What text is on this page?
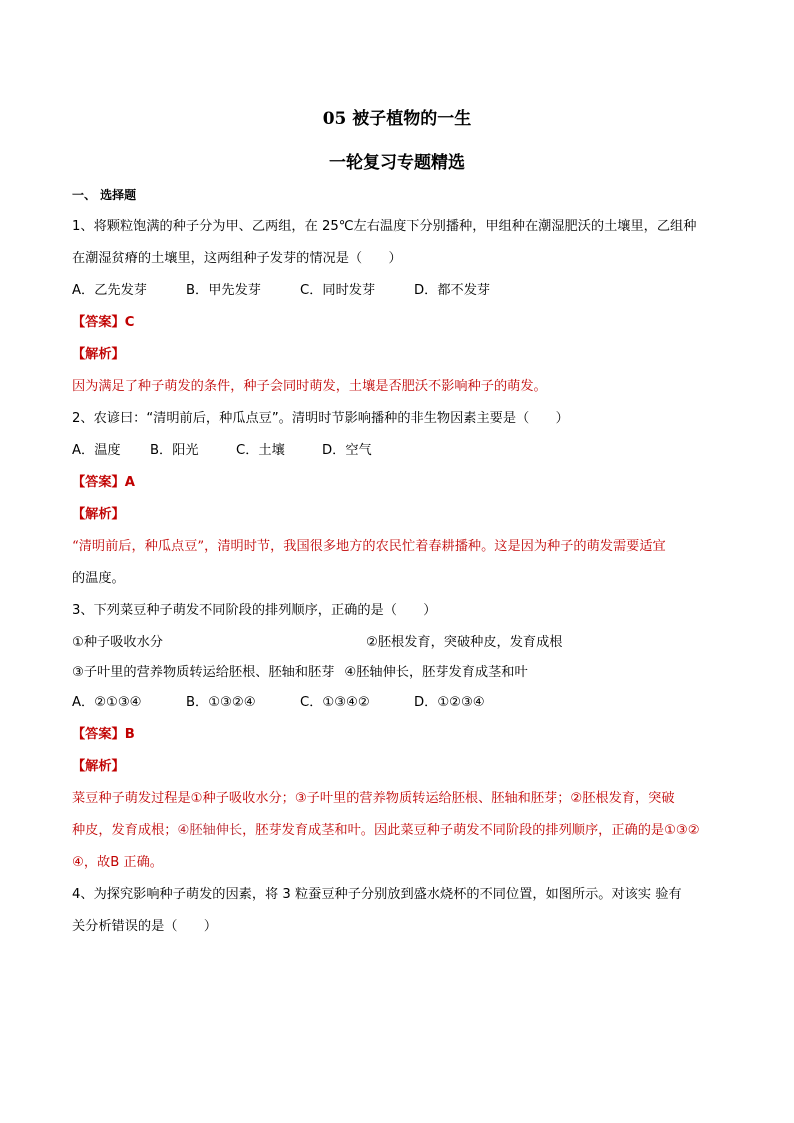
05 被子植物的一生
一轮复习专题精选
一、 选择题
1、将颗粒饱满的种子分为甲、乙两组，在 25℃左右温度下分别播种，甲组种在潮湿肥沃的土壤里，乙组种
在潮湿贫瘠的土壤里，这两组种子发芽的情况是（　　）
A．乙先发芽	B．甲先发芽	C．同时发芽	D．都不发芽
【答案】C
【解析】
因为满足了种子萌发的条件，种子会同时萌发，土壤是否肥沃不影响种子的萌发。
2、农谚曰：“清明前后，种瓜点豆”。清明时节影响播种的非生物因素主要是（　　）
A．温度 B．阳光	C．土壤	D．空气
【答案】A
【解析】
“清明前后，种瓜点豆”，清明时节，我国很多地方的农民忙着春耕播种。这是因为种子的萌发需要适宜
的温度。
3、下列菜豆种子萌发不同阶段的排列顺序，正确的是（　　）
①种子吸收水分	②胚根发育，突破种皮，发育成根
③子叶里的营养物质转运给胚根、胚轴和胚芽 ④胚轴伸长，胚芽发育成茎和叶
A．②①③④	B．①③②④	C．①③④②	D．①②③④
【答案】B
【解析】
菜豆种子萌发过程是①种子吸收水分；③子叶里的营养物质转运给胚根、胚轴和胚芽；②胚根发育，突破
种皮，发育成根；④胚轴伸长，胚芽发育成茎和叶。因此菜豆种子萌发不同阶段的排列顺序，正确的是①③②
④，故B 正确。
4、为探究影响种子萌发的因素，将 3 粒蚕豆种子分别放到盛水烧杯的不同位置，如图所示。对该实 验有
关分析错误的是（　　）
